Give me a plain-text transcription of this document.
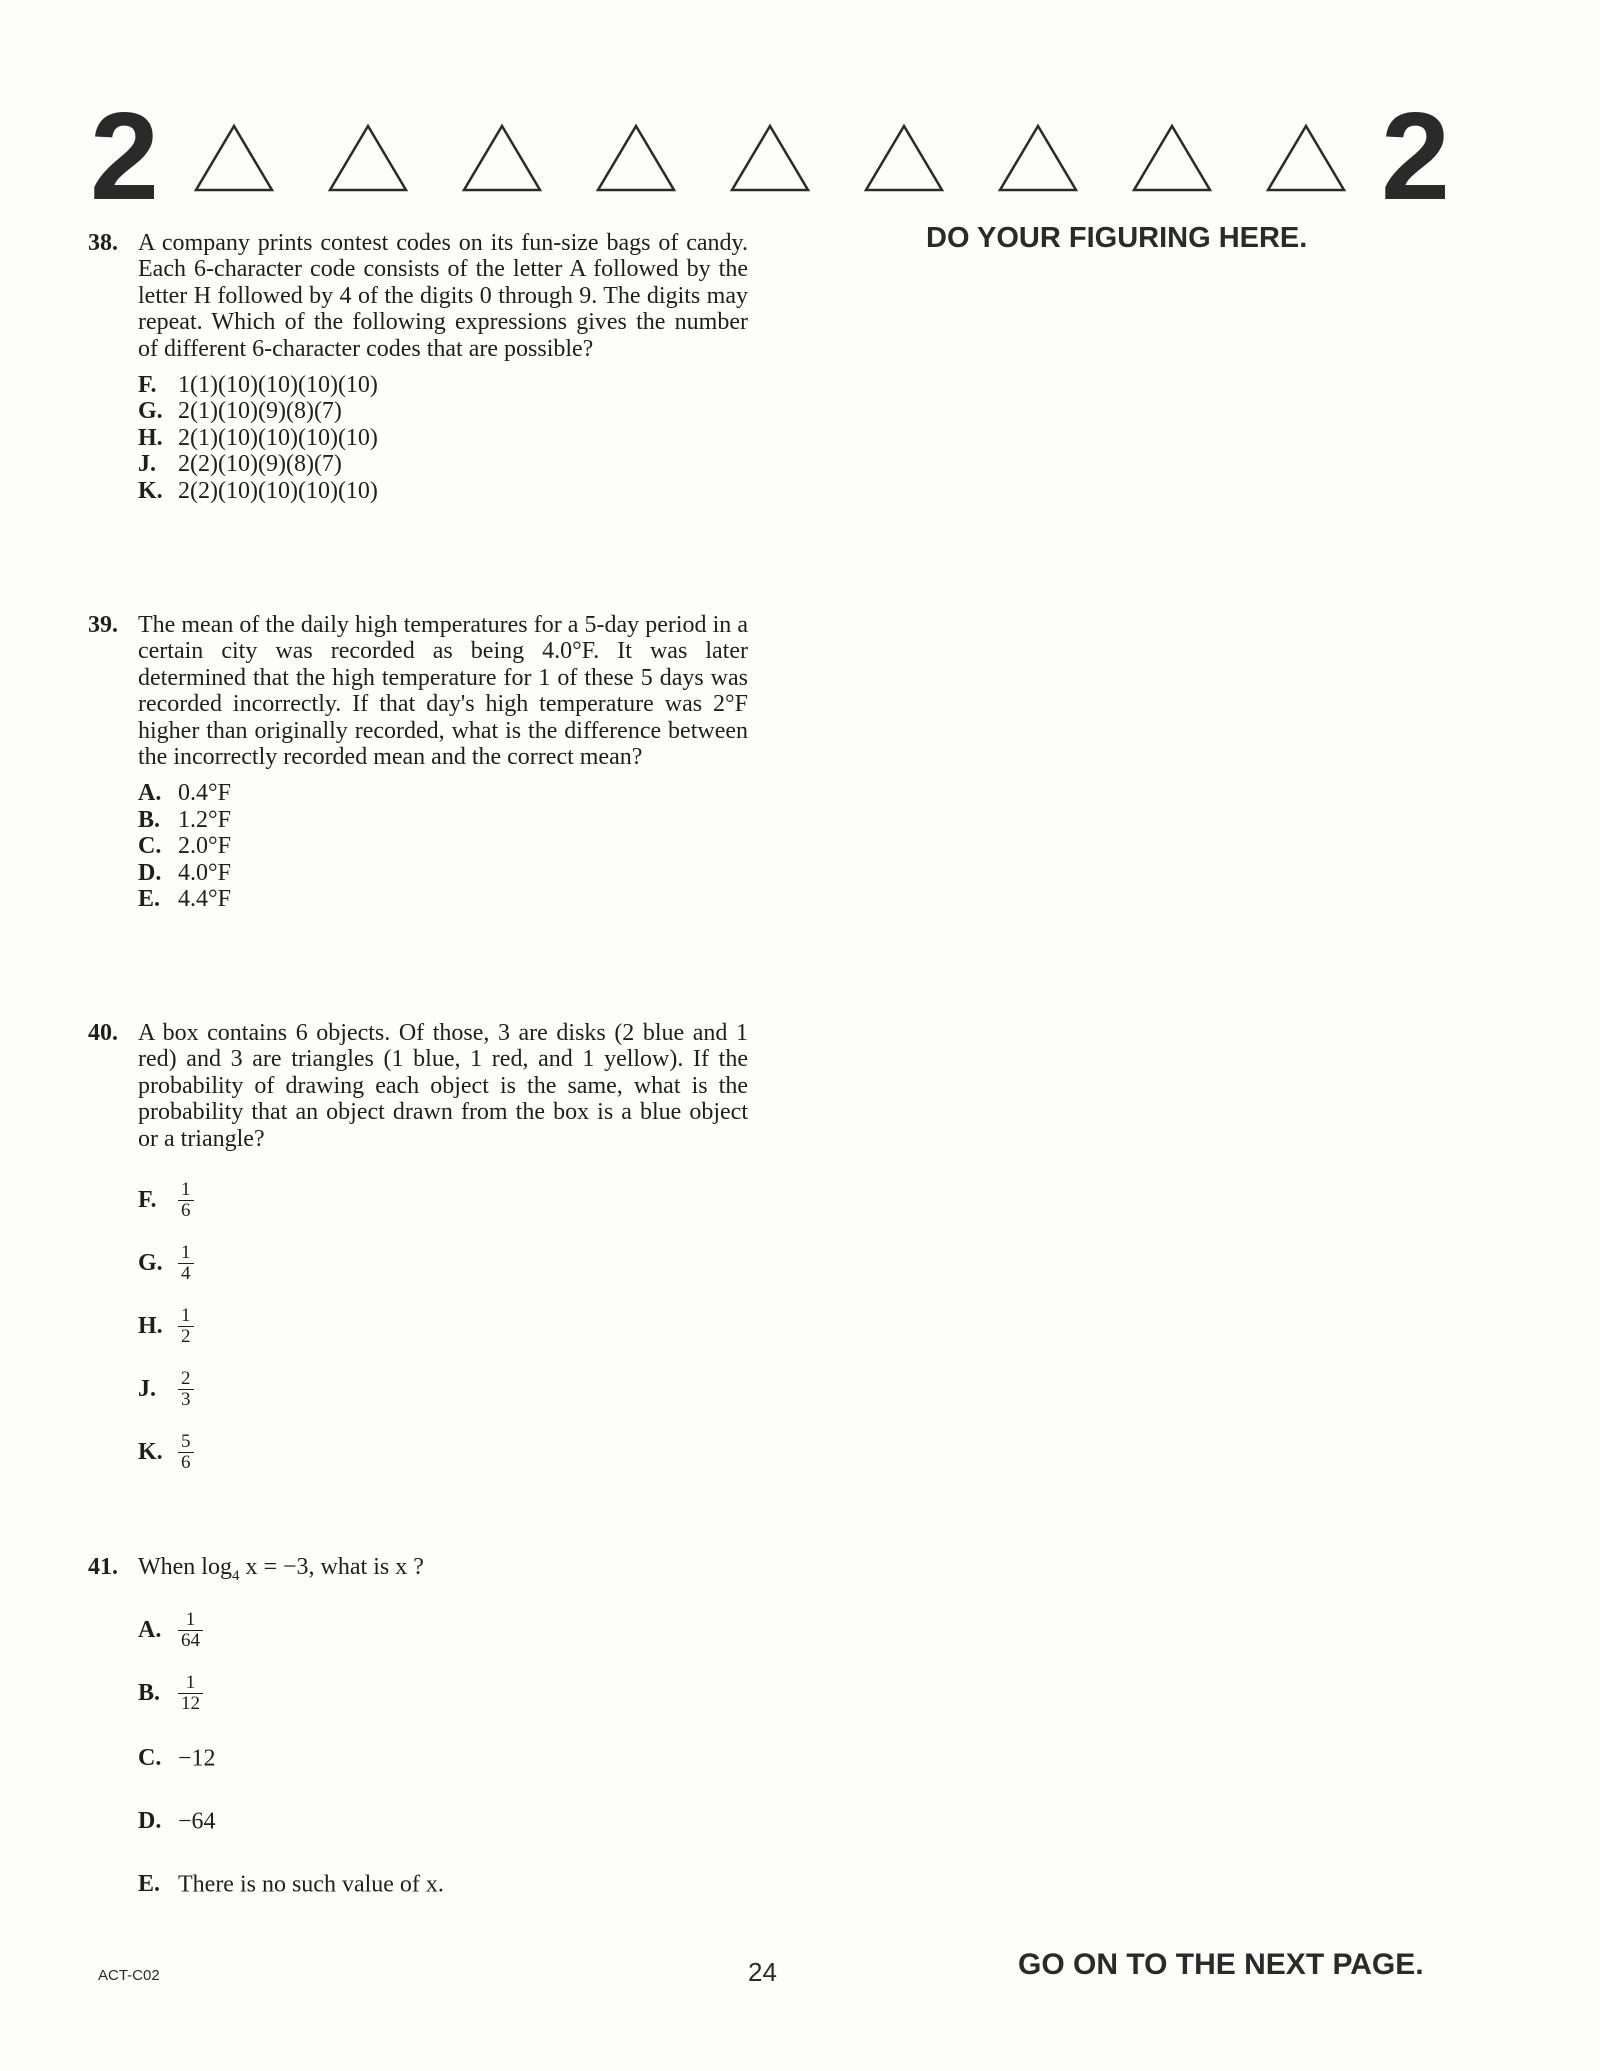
2	2
DO YOUR FIGURING HERE.
38. A company prints contest codes on its fun-size bags of candy. Each 6-character code consists of the letter A followed by the letter H followed by 4 of the digits 0 through 9. The digits may repeat. Which of the following expressions gives the number of different 6-character codes that are possible?
F. 1(1)(10)(10)(10)(10)
G. 2(1)(10)(9)(8)(7)
H. 2(1)(10)(10)(10)(10)
J. 2(2)(10)(9)(8)(7)
K. 2(2)(10)(10)(10)(10)
39. The mean of the daily high temperatures for a 5-day period in a certain city was recorded as being 4.0°F. It was later determined that the high temperature for 1 of these 5 days was recorded incorrectly. If that day's high temperature was 2°F higher than originally recorded, what is the difference between the incorrectly recorded mean and the correct mean?
A. 0.4°F
B. 1.2°F
C. 2.0°F
D. 4.0°F
E. 4.4°F
40. A box contains 6 objects. Of those, 3 are disks (2 blue and 1 red) and 3 are triangles (1 blue, 1 red, and 1 yellow). If the probability of drawing each object is the same, what is the probability that an object drawn from the box is a blue object or a triangle?
F. $\frac{1}{6}$
G. $\frac{1}{4}$
H. $\frac{1}{2}$
J. $\frac{2}{3}$
K. $\frac{5}{6}$
41. When $\log_4 x = -3$, what is x ?
A. $\frac{1}{64}$
B. $\frac{1}{12}$
C. −12
D. −64
E. There is no such value of x.
ACT-C02	24	GO ON TO THE NEXT PAGE.
